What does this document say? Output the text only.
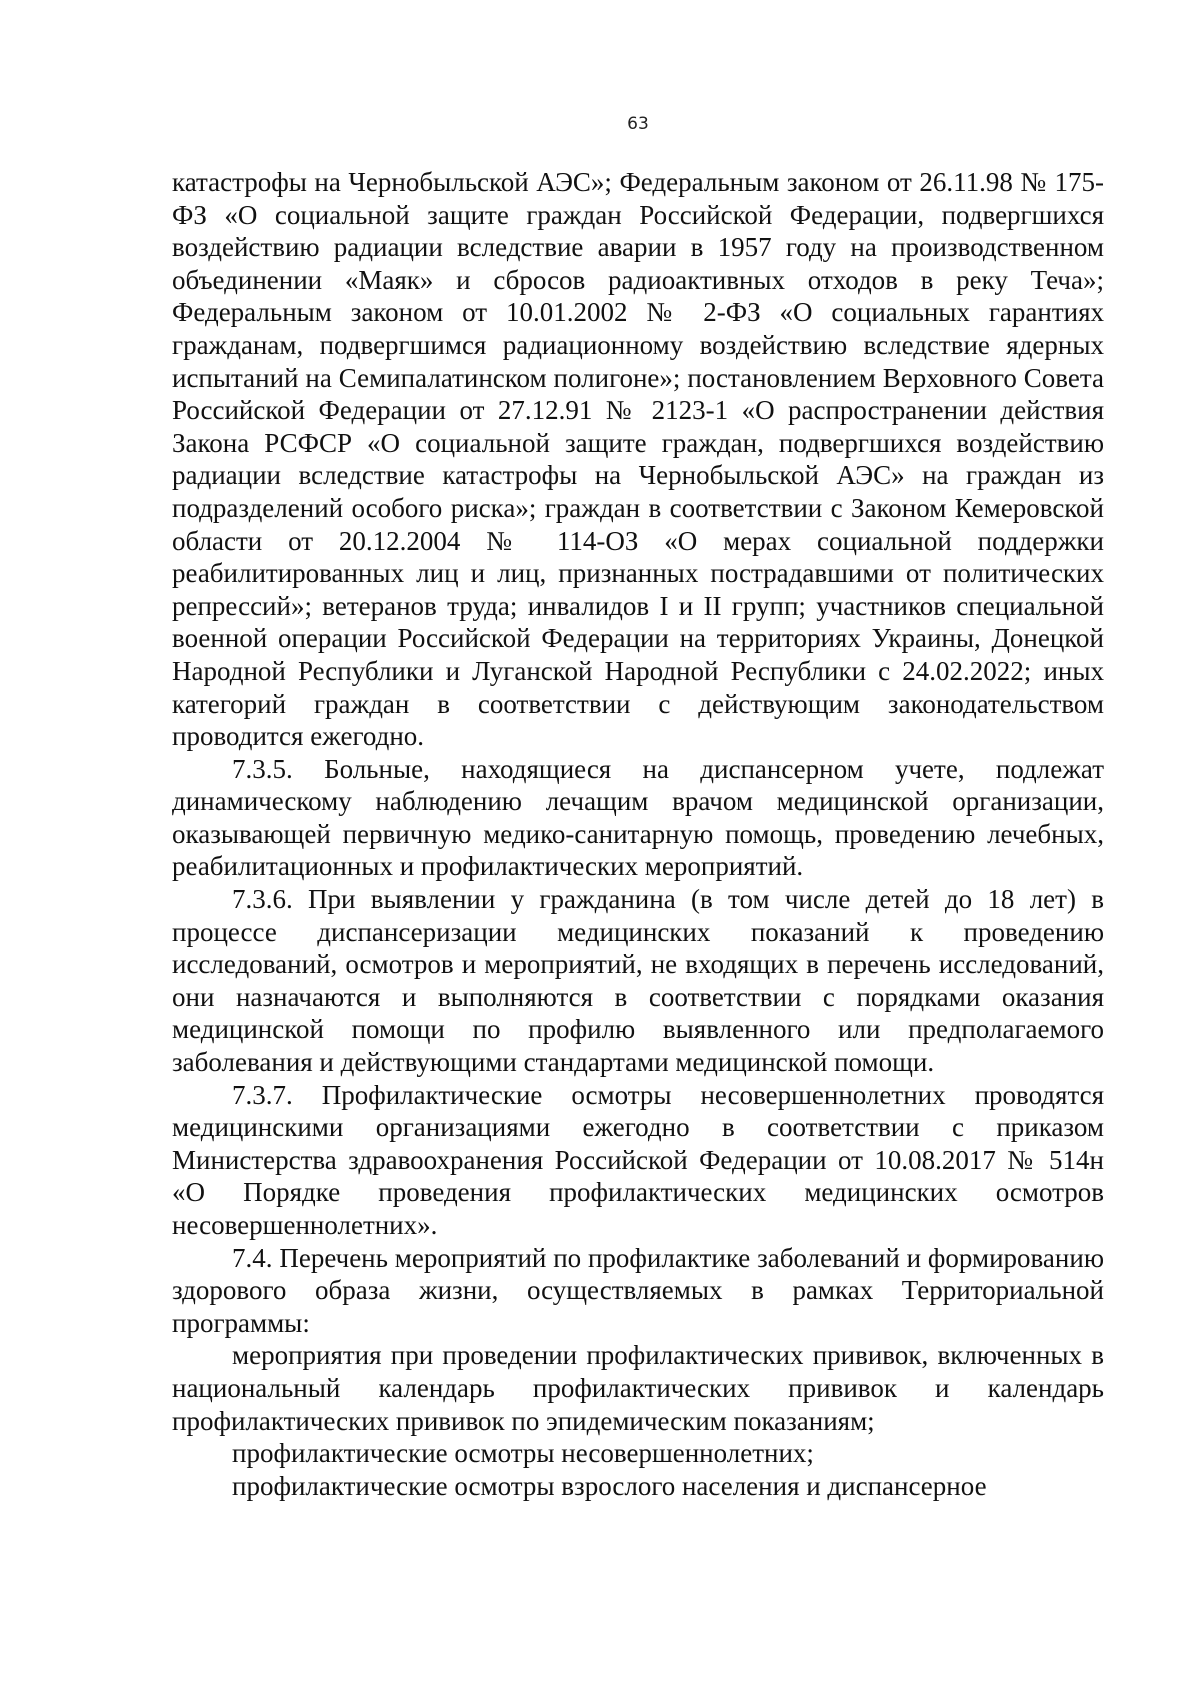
63

катастрофы на Чернобыльской АЭС»; Федеральным законом от 26.11.98 № 175-ФЗ «О социальной защите граждан Российской Федерации, подвергшихся воздействию радиации вследствие аварии в 1957 году на производственном объединении «Маяк» и сбросов радиоактивных отходов в реку Теча»; Федеральным законом от 10.01.2002 № 2-ФЗ «О социальных гарантиях гражданам, подвергшимся радиационному воздействию вследствие ядерных испытаний на Семипалатинском полигоне»; постановлением Верховного Совета Российской Федерации от 27.12.91 № 2123-1 «О распространении действия Закона РСФСР «О социальной защите граждан, подвергшихся воздействию радиации вследствие катастрофы на Чернобыльской АЭС» на граждан из подразделений особого риска»; граждан в соответствии с Законом Кемеровской области от 20.12.2004 № 114-ОЗ «О мерах социальной поддержки реабилитированных лиц и лиц, признанных пострадавшими от политических репрессий»; ветеранов труда; инвалидов I и II групп; участников специальной военной операции Российской Федерации на территориях Украины, Донецкой Народной Республики и Луганской Народной Республики с 24.02.2022; иных категорий граждан в соответствии с действующим законодательством проводится ежегодно.

7.3.5. Больные, находящиеся на диспансерном учете, подлежат динамическому наблюдению лечащим врачом медицинской организации, оказывающей первичную медико-санитарную помощь, проведению лечебных, реабилитационных и профилактических мероприятий.

7.3.6. При выявлении у гражданина (в том числе детей до 18 лет) в процессе диспансеризации медицинских показаний к проведению исследований, осмотров и мероприятий, не входящих в перечень исследований, они назначаются и выполняются в соответствии с порядками оказания медицинской помощи по профилю выявленного или предполагаемого заболевания и действующими стандартами медицинской помощи.

7.3.7. Профилактические осмотры несовершеннолетних проводятся медицинскими организациями ежегодно в соответствии с приказом Министерства здравоохранения Российской Федерации от 10.08.2017 № 514н «О Порядке проведения профилактических медицинских осмотров несовершеннолетних».

7.4. Перечень мероприятий по профилактике заболеваний и формированию здорового образа жизни, осуществляемых в рамках Территориальной программы:

мероприятия при проведении профилактических прививок, включенных в национальный календарь профилактических прививок и календарь профилактических прививок по эпидемическим показаниям;

профилактические осмотры несовершеннолетних;

профилактические осмотры взрослого населения и диспансерное
